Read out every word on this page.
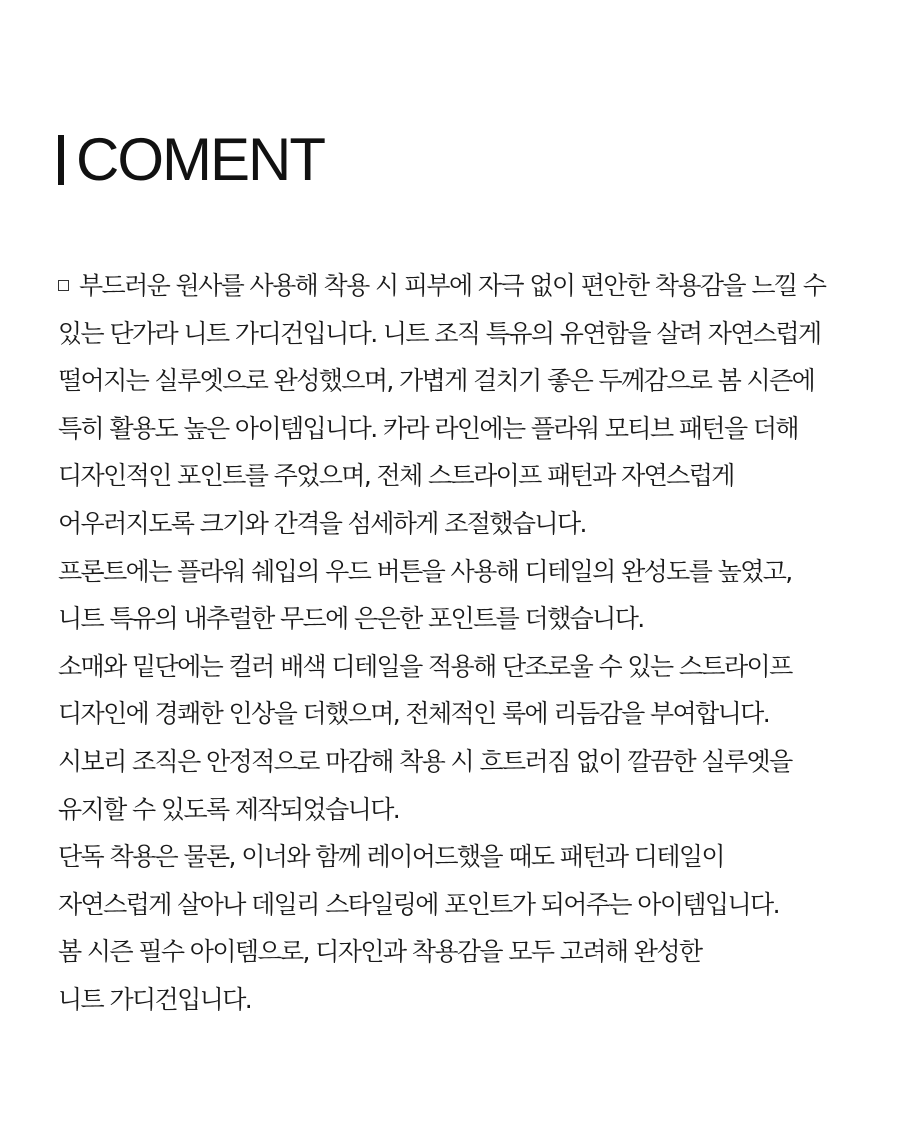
COMENT
부드러운 원사를 사용해 착용 시 피부에 자극 없이 편안한 착용감을 느낄 수
있는 단가라 니트 가디건입니다. 니트 조직 특유의 유연함을 살려 자연스럽게
떨어지는 실루엣으로 완성했으며, 가볍게 걸치기 좋은 두께감으로 봄 시즌에
특히 활용도 높은 아이템입니다. 카라 라인에는 플라워 모티브 패턴을 더해
디자인적인 포인트를 주었으며, 전체 스트라이프 패턴과 자연스럽게
어우러지도록 크기와 간격을 섬세하게 조절했습니다.
프론트에는 플라워 쉐입의 우드 버튼을 사용해 디테일의 완성도를 높였고,
니트 특유의 내추럴한 무드에 은은한 포인트를 더했습니다.
소매와 밑단에는 컬러 배색 디테일을 적용해 단조로울 수 있는 스트라이프
디자인에 경쾌한 인상을 더했으며, 전체적인 룩에 리듬감을 부여합니다.
시보리 조직은 안정적으로 마감해 착용 시 흐트러짐 없이 깔끔한 실루엣을
유지할 수 있도록 제작되었습니다.
단독 착용은 물론, 이너와 함께 레이어드했을 때도 패턴과 디테일이
자연스럽게 살아나 데일리 스타일링에 포인트가 되어주는 아이템입니다.
봄 시즌 필수 아이템으로, 디자인과 착용감을 모두 고려해 완성한
니트 가디건입니다.
